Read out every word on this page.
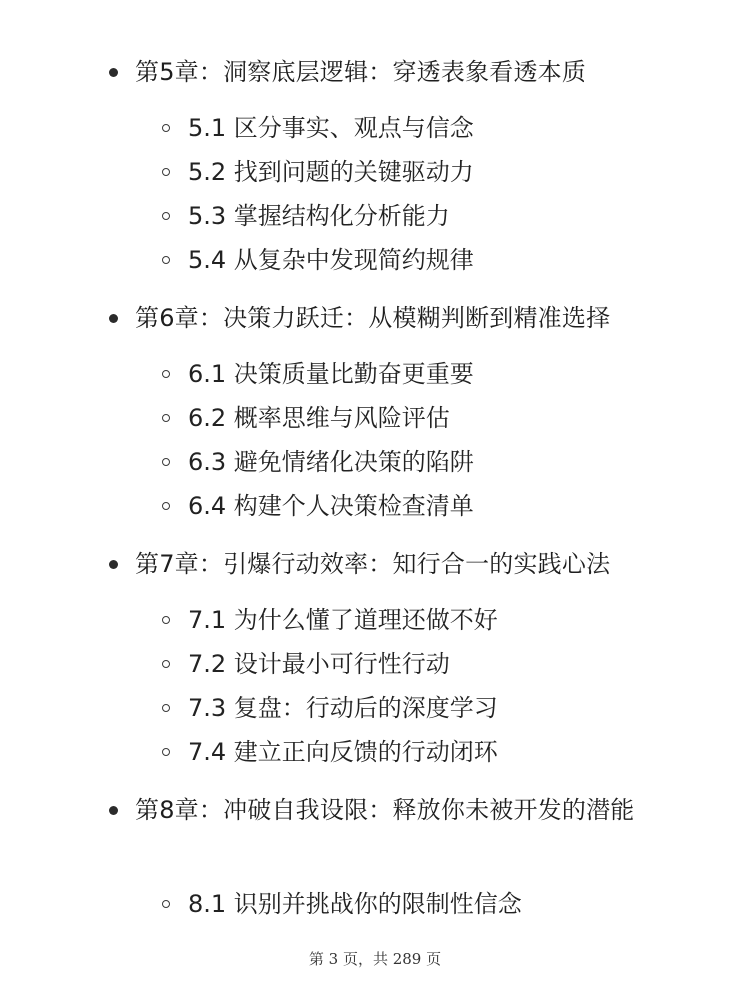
第5章：洞察底层逻辑：穿透表象看透本质
5.1 区分事实、观点与信念
5.2 找到问题的关键驱动力
5.3 掌握结构化分析能力
5.4 从复杂中发现简约规律
第6章：决策力跃迁：从模糊判断到精准选择
6.1 决策质量比勤奋更重要
6.2 概率思维与风险评估
6.3 避免情绪化决策的陷阱
6.4 构建个人决策检查清单
第7章：引爆行动效率：知行合一的实践心法
7.1 为什么懂了道理还做不好
7.2 设计最小可行性行动
7.3 复盘：行动后的深度学习
7.4 建立正向反馈的行动闭环
第8章：冲破自我设限：释放你未被开发的潜能
8.1 识别并挑战你的限制性信念
第 3 页，共 289 页
